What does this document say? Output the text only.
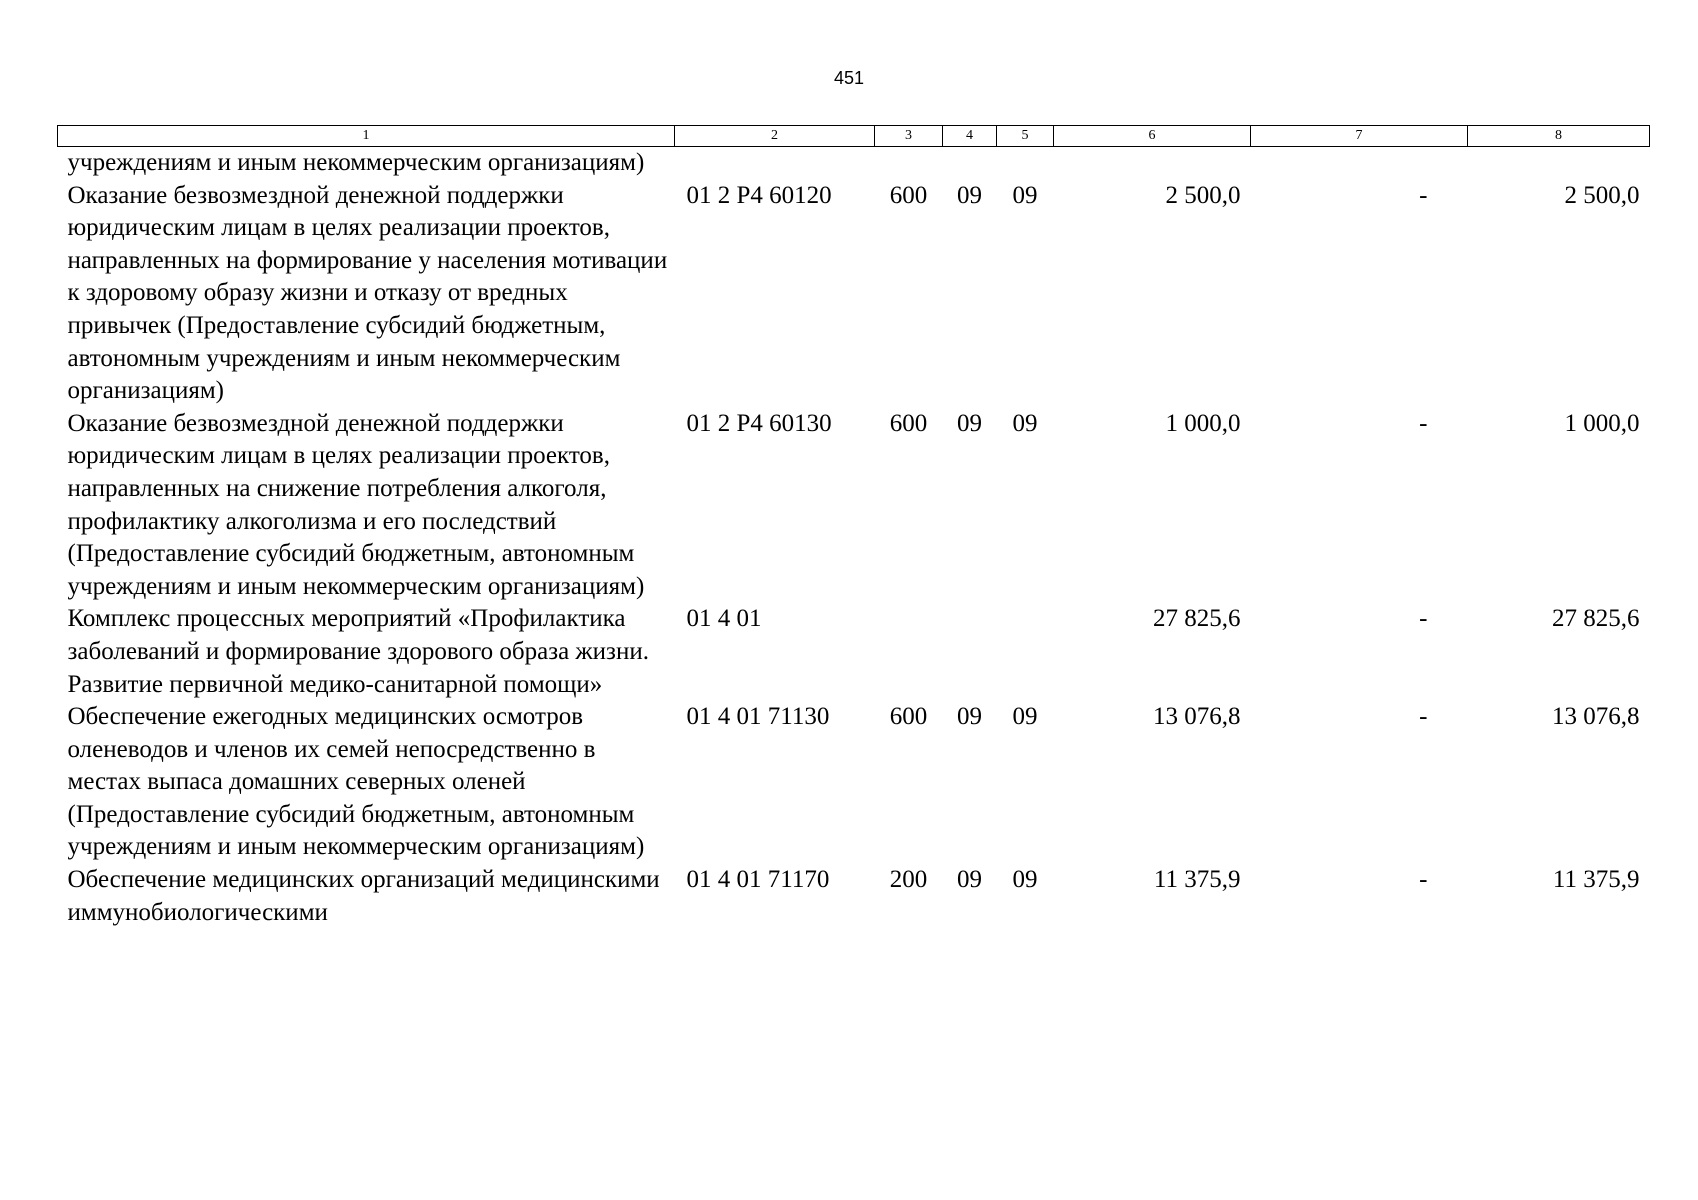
451
1	2	3	4	5	6	7	8
учреждениям и иным некоммерческим организациям)							
Оказание безвозмездной денежной поддержки юридическим лицам в целях реализации проектов, направленных на формирование у населения мотивации к здоровому образу жизни и отказу от вредных привычек (Предоставление субсидий бюджетным, автономным учреждениям и иным некоммерческим организациям)	01 2 Р4 60120	600	09	09	2 500,0	-	2 500,0
Оказание безвозмездной денежной поддержки юридическим лицам в целях реализации проектов, направленных на снижение потребления алкоголя, профилактику алкоголизма и его последствий (Предоставление субсидий бюджетным, автономным учреждениям и иным некоммерческим организациям)	01 2 Р4 60130	600	09	09	1 000,0	-	1 000,0
Комплекс процессных мероприятий «Профилактика заболеваний и формирование здорового образа жизни. Развитие первичной медико-санитарной помощи»	01 4 01				27 825,6	-	27 825,6
Обеспечение ежегодных медицинских осмотров оленеводов и членов их семей непосредственно в местах выпаса домашних северных оленей (Предоставление субсидий бюджетным, автономным учреждениям и иным некоммерческим организациям)	01 4 01 71130	600	09	09	13 076,8	-	13 076,8
Обеспечение медицинских организаций медицинскими иммунобиологическими	01 4 01 71170	200	09	09	11 375,9	-	11 375,9
